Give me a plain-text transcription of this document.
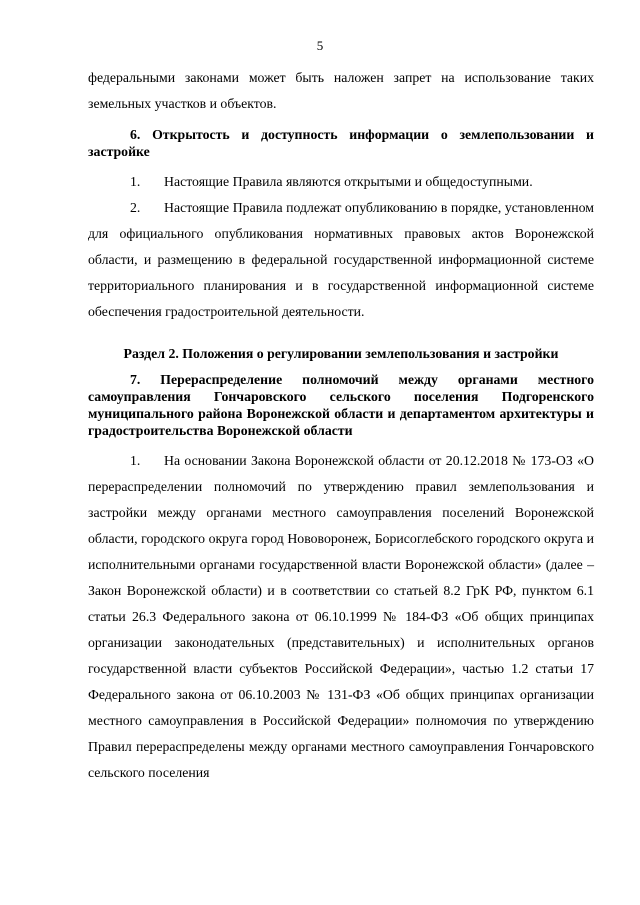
5

федеральными законами может быть наложен запрет на использование таких земельных участков и объектов.

6. Открытость и доступность информации о землепользовании и застройке

1. Настоящие Правила являются открытыми и общедоступными.

2. Настоящие Правила подлежат опубликованию в порядке, установленном для официального опубликования нормативных правовых актов Воронежской области, и размещению в федеральной государственной информационной системе территориального планирования и в государственной информационной системе обеспечения градостроительной деятельности.

Раздел 2. Положения о регулировании землепользования и застройки

7. Перераспределение полномочий между органами местного самоуправления Гончаровского сельского поселения Подгоренского муниципального района Воронежской области и департаментом архитектуры и градостроительства Воронежской области

1. На основании Закона Воронежской области от 20.12.2018 № 173-ОЗ «О перераспределении полномочий по утверждению правил землепользования и застройки между органами местного самоуправления поселений Воронежской области, городского округа город Нововоронеж, Борисоглебского городского округа и исполнительными органами государственной власти Воронежской области» (далее – Закон Воронежской области) и в соответствии со статьей 8.2 ГрК РФ, пунктом 6.1 статьи 26.3 Федерального закона от 06.10.1999 № 184-ФЗ «Об общих принципах организации законодательных (представительных) и исполнительных органов государственной власти субъектов Российской Федерации», частью 1.2 статьи 17 Федерального закона от 06.10.2003 № 131-ФЗ «Об общих принципах организации местного самоуправления в Российской Федерации» полномочия по утверждению Правил перераспределены между органами местного самоуправления Гончаровского сельского поселения
